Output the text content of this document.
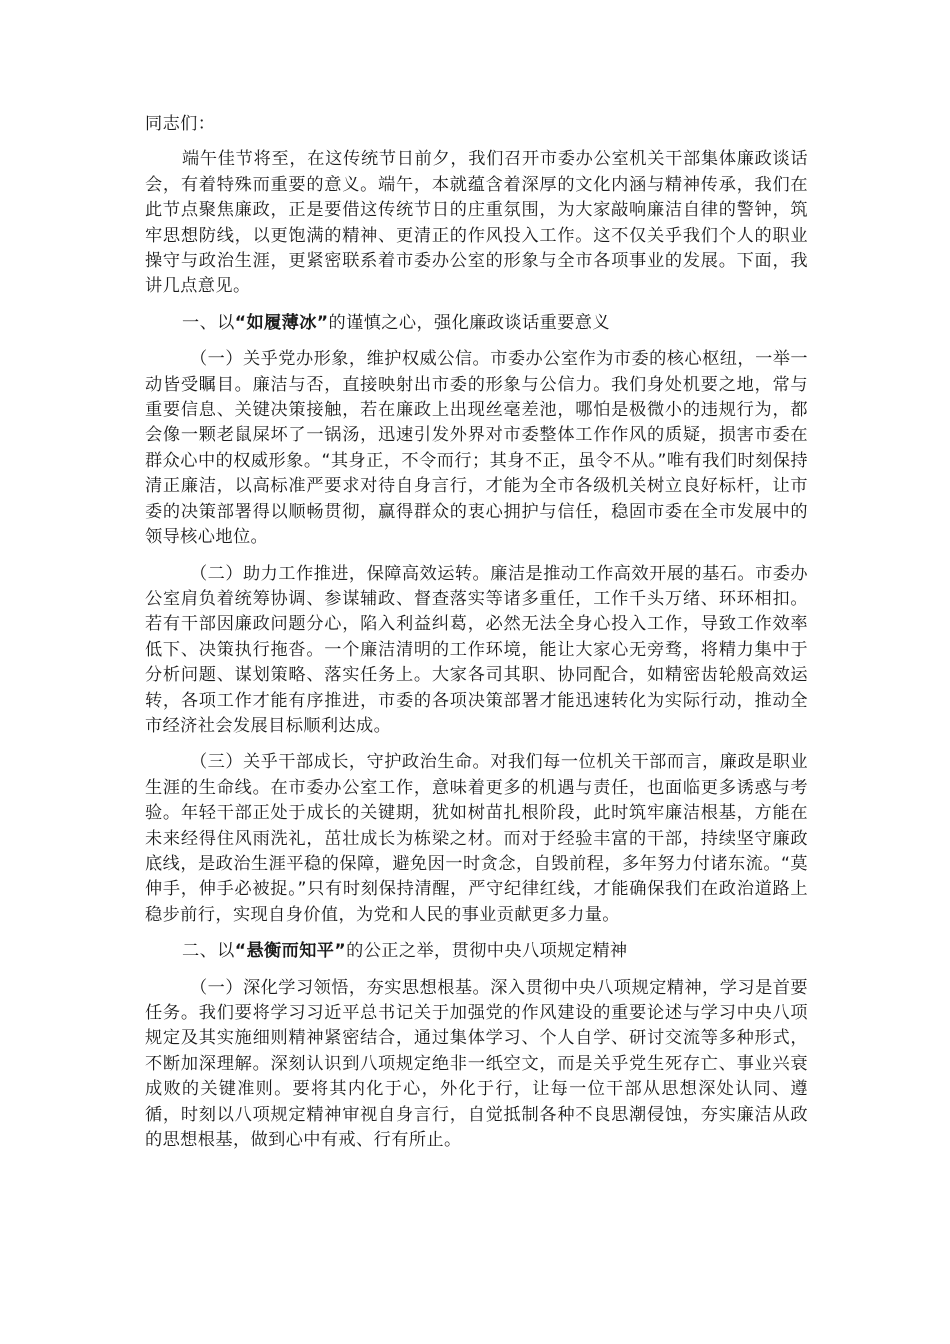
同志们：

端午佳节将至，在这传统节日前夕，我们召开市委办公室机关干部集体廉政谈话会，有着特殊而重要的意义。端午，本就蕴含着深厚的文化内涵与精神传承，我们在此节点聚焦廉政，正是要借这传统节日的庄重氛围，为大家敲响廉洁自律的警钟，筑牢思想防线，以更饱满的精神、更清正的作风投入工作。这不仅关乎我们个人的职业操守与政治生涯，更紧密联系着市委办公室的形象与全市各项事业的发展。下面，我讲几点意见。

一、以“如履薄冰”的谨慎之心，强化廉政谈话重要意义

（一）关乎党办形象，维护权威公信。市委办公室作为市委的核心枢纽，一举一动皆受瞩目。廉洁与否，直接映射出市委的形象与公信力。我们身处机要之地，常与重要信息、关键决策接触，若在廉政上出现丝毫差池，哪怕是极微小的违规行为，都会像一颗老鼠屎坏了一锅汤，迅速引发外界对市委整体工作作风的质疑，损害市委在群众心中的权威形象。“其身正，不令而行；其身不正，虽令不从。”唯有我们时刻保持清正廉洁，以高标准严要求对待自身言行，才能为全市各级机关树立良好标杆，让市委的决策部署得以顺畅贯彻，赢得群众的衷心拥护与信任，稳固市委在全市发展中的领导核心地位。

（二）助力工作推进，保障高效运转。廉洁是推动工作高效开展的基石。市委办公室肩负着统筹协调、参谋辅政、督查落实等诸多重任，工作千头万绪、环环相扣。若有干部因廉政问题分心，陷入利益纠葛，必然无法全身心投入工作，导致工作效率低下、决策执行拖沓。一个廉洁清明的工作环境，能让大家心无旁骛，将精力集中于分析问题、谋划策略、落实任务上。大家各司其职、协同配合，如精密齿轮般高效运转，各项工作才能有序推进，市委的各项决策部署才能迅速转化为实际行动，推动全市经济社会发展目标顺利达成。

（三）关乎干部成长，守护政治生命。对我们每一位机关干部而言，廉政是职业生涯的生命线。在市委办公室工作，意味着更多的机遇与责任，也面临更多诱惑与考验。年轻干部正处于成长的关键期，犹如树苗扎根阶段，此时筑牢廉洁根基，方能在未来经得住风雨洗礼，茁壮成长为栋梁之材。而对于经验丰富的干部，持续坚守廉政底线，是政治生涯平稳的保障，避免因一时贪念，自毁前程，多年努力付诸东流。“莫伸手，伸手必被捉。”只有时刻保持清醒，严守纪律红线，才能确保我们在政治道路上稳步前行，实现自身价值，为党和人民的事业贡献更多力量。

二、以“悬衡而知平”的公正之举，贯彻中央八项规定精神

（一）深化学习领悟，夯实思想根基。深入贯彻中央八项规定精神，学习是首要任务。我们要将学习习近平总书记关于加强党的作风建设的重要论述与学习中央八项规定及其实施细则精神紧密结合，通过集体学习、个人自学、研讨交流等多种形式，不断加深理解。深刻认识到八项规定绝非一纸空文，而是关乎党生死存亡、事业兴衰成败的关键准则。要将其内化于心，外化于行，让每一位干部从思想深处认同、遵循，时刻以八项规定精神审视自身言行，自觉抵制各种不良思潮侵蚀，夯实廉洁从政的思想根基，做到心中有戒、行有所止。
